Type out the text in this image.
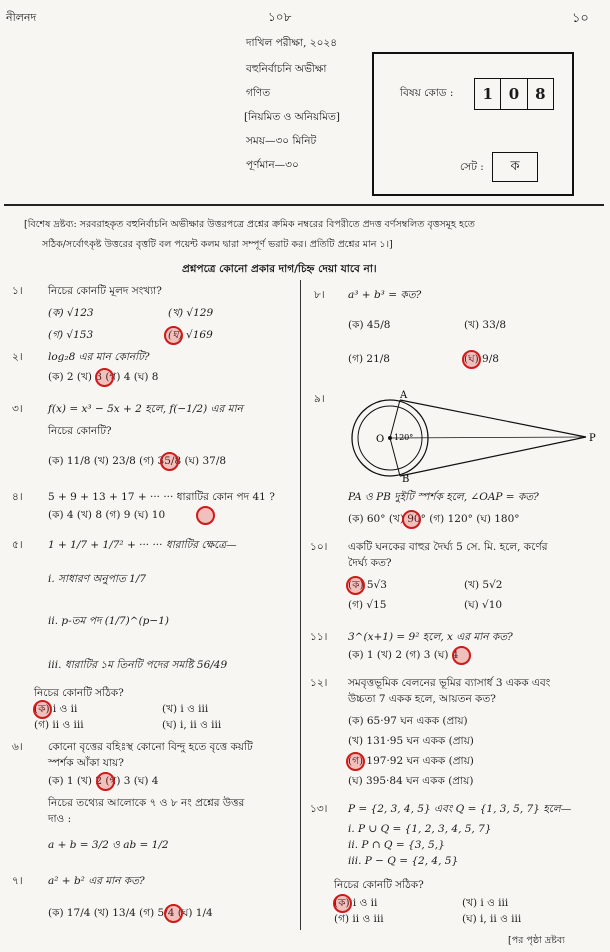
নীলনদ	১০৮	১০
দাখিল পরীক্ষা, ২০২৪
বহুনির্বাচনি অভীক্ষা
গণিত
[নিয়মিত ও অনিয়মিত]
সময়—৩০ মিনিট
পূর্ণমান—৩০
বিষয় কোড :	1	0	8
সেট :	ক
[বিশেষ দ্রষ্টব্য: সরবরাহকৃত বহুনির্বাচনি অভীক্ষার উত্তরপত্রে প্রশ্নের ক্রমিক নম্বরের বিপরীতে প্রদত্ত বর্ণসম্বলিত বৃত্তসমূহ হতে
সঠিক/সর্বোৎকৃষ্ট উত্তরের বৃত্তটি বল পয়েন্ট কলম দ্বারা সম্পূর্ণ ভরাট কর। প্রতিটি প্রশ্নের মান ১।]
প্রশ্নপত্রে কোনো প্রকার দাগ/চিহ্ন দেয়া যাবে না।
১।	নিচের কোনটি মূলদ সংখ্যা?
(ক) √123	(খ) √129
(গ) √153	(ঘ) √169
২।	log₂8 এর মান কোনটি?
(ক) 2 (খ) 3 (গ) 4 (ঘ) 8
৩।	f(x) = x³ − 5x + 2 হলে, f(−1/2) এর মান
নিচের কোনটি?
(ক) 11/8 (খ) 23/8 (গ) 35/8 (ঘ) 37/8
৪।	5 + 9 + 13 + 17 + ··· ··· ধারাটির কোন পদ 41 ?
(ক) 4 (খ) 8 (গ) 9 (ঘ) 10
৫।	1 + 1/7 + 1/7² + ··· ··· ধারাটির ক্ষেত্রে—
i. সাধারণ অনুপাত 1/7
ii. p-তম পদ (1/7)^(p−1)
iii. ধারাটির ১ম তিনটি পদের সমষ্টি 56/49
নিচের কোনটি সঠিক?
(ক) i ও ii	(খ) i ও iii
(গ) ii ও iii	(ঘ) i, ii ও iii
৬।	কোনো বৃত্তের বহিঃস্থ কোনো বিন্দু হতে বৃত্তে কয়টি
স্পর্শক আঁকা যায়?
(ক) 1 (খ) 2 (গ) 3 (ঘ) 4
নিচের তথ্যের আলোকে ৭ ও ৮ নং প্রশ্নের উত্তর
দাও :
a + b = 3/2 ও ab = 1/2
৭।	a² + b² এর মান কত?
(ক) 17/4 (খ) 13/4 (গ) 5/4 (ঘ) 1/4
৮।	a³ + b³ = কত?
(ক) 45/8	(খ) 33/8
(গ) 21/8	(ঘ) 9/8
৯।	A
B
O	P
120°
PA ও PB দুইটি স্পর্শক হলে, ∠OAP = কত?
(ক) 60° (খ) 90° (গ) 120° (ঘ) 180°
১০।	একটি ঘনকের বাহুর দৈর্ঘ্য 5 সে. মি. হলে, কর্ণের
দৈর্ঘ্য কত?
(ক) 5√3	(খ) 5√2
(গ) √15	(ঘ) √10
১১।	3^(x+1) = 9² হলে, x এর মান কত?
(ক) 1 (খ) 2 (গ) 3 (ঘ) 4
১২।	সমবৃত্তভূমিক বেলনের ভূমির ব্যাসার্ধ 3 একক এবং
উচ্চতা 7 একক হলে, আয়তন কত?
(ক) 65·97 ঘন একক (প্রায়)
(খ) 131·95 ঘন একক (প্রায়)
(গ) 197·92 ঘন একক (প্রায়)
(ঘ) 395·84 ঘন একক (প্রায়)
১৩।	P = {2, 3, 4, 5} এবং Q = {1, 3, 5, 7} হলে—
i. P ∪ Q = {1, 2, 3, 4, 5, 7}
ii. P ∩ Q = {3, 5,}
iii. P − Q = {2, 4, 5}
নিচের কোনটি সঠিক?
(ক) i ও ii	(খ) i ও iii
(গ) ii ও iii	(ঘ) i, ii ও iii
[পর পৃষ্ঠা দ্রষ্টব্য
